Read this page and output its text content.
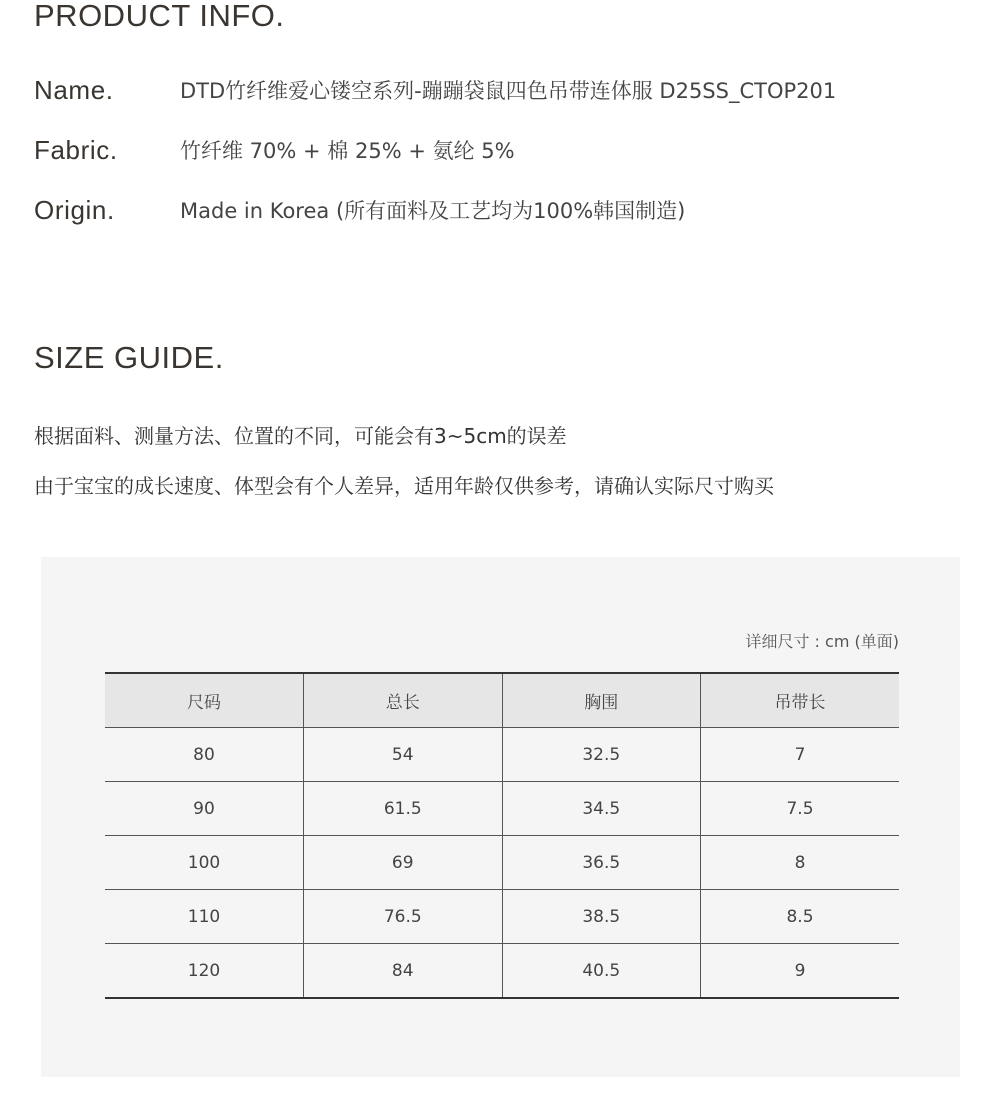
PRODUCT INFO.
Name.	DTD竹纤维爱心镂空系列-蹦蹦袋鼠四色吊带连体服 D25SS_CTOP201
Fabric.	竹纤维 70% + 棉 25% + 氨纶 5%
Origin.	Made in Korea (所有面料及工艺均为100%韩国制造)
SIZE GUIDE.
根据面料、测量方法、位置的不同，可能会有3~5cm的误差
由于宝宝的成长速度、体型会有个人差异，适用年龄仅供参考，请确认实际尺寸购买
详细尺寸 : cm (单面)
尺码	总长	胸围	吊带长
80	54	32.5	7
90	61.5	34.5	7.5
100	69	36.5	8
110	76.5	38.5	8.5
120	84	40.5	9
